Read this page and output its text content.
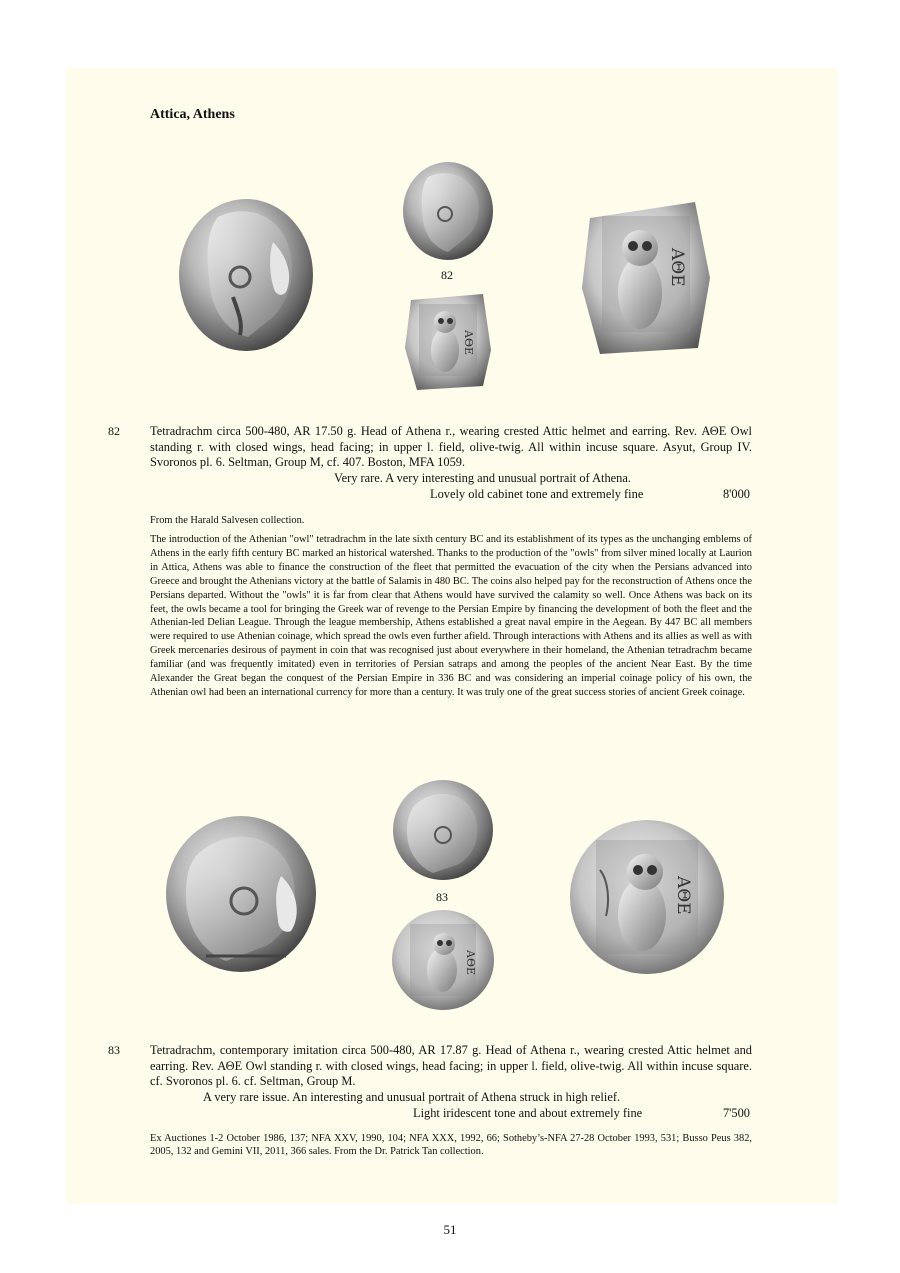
Attica, Athens
82
ΑΘΕ
ΑΘΕ
82 Tetradrachm circa 500-480, AR 17.50 g. Head of Athena r., wearing crested Attic helmet and earring. Rev. ΑΘΕ Owl standing r. with closed wings, head facing; in upper l. field, olive-twig. All within incuse square. Asyut, Group IV. Svoronos pl. 6. Seltman, Group M, cf. 407. Boston, MFA 1059.
Very rare. A very interesting and unusual portrait of Athena.
Lovely old cabinet tone and extremely fine	8'000
From the Harald Salvesen collection.
The introduction of the Athenian "owl" tetradrachm in the late sixth century BC and its establishment of its types as the unchanging emblems of Athens in the early fifth century BC marked an historical watershed. Thanks to the production of the "owls" from silver mined locally at Laurion in Attica, Athens was able to finance the construction of the fleet that permitted the evacuation of the city when the Persians advanced into Greece and brought the Athenians victory at the battle of Salamis in 480 BC. The coins also helped pay for the reconstruction of Athens once the Persians departed. Without the "owls" it is far from clear that Athens would have survived the calamity so well. Once Athens was back on its feet, the owls became a tool for bringing the Greek war of revenge to the Persian Empire by financing the development of both the fleet and the Athenian-led Delian League. Through the league membership, Athens established a great naval empire in the Aegean. By 447 BC all members were required to use Athenian coinage, which spread the owls even further afield. Through interactions with Athens and its allies as well as with Greek mercenaries desirous of payment in coin that was recognised just about everywhere in their homeland, the Athenian tetradrachm became familiar (and was frequently imitated) even in territories of Persian satraps and among the peoples of the ancient Near East. By the time Alexander the Great began the conquest of the Persian Empire in 336 BC and was considering an imperial coinage policy of his own, the Athenian owl had been an international currency for more than a century. It was truly one of the great success stories of ancient Greek coinage.
83
ΑΘΕ
ΑΘΕ
83 Tetradrachm, contemporary imitation circa 500-480, AR 17.87 g. Head of Athena r., wearing crested Attic helmet and earring. Rev. ΑΘΕ Owl standing r. with closed wings, head facing; in upper l. field, olive-twig. All within incuse square. cf. Svoronos pl. 6. cf. Seltman, Group M.
A very rare issue. An interesting and unusual portrait of Athena struck in high relief.
Light iridescent tone and about extremely fine	7'500
Ex Auctiones 1-2 October 1986, 137; NFA XXV, 1990, 104; NFA XXX, 1992, 66; Sotheby’s-NFA 27-28 October 1993, 531; Busso Peus 382, 2005, 132 and Gemini VII, 2011, 366 sales. From the Dr. Patrick Tan collection.
51
